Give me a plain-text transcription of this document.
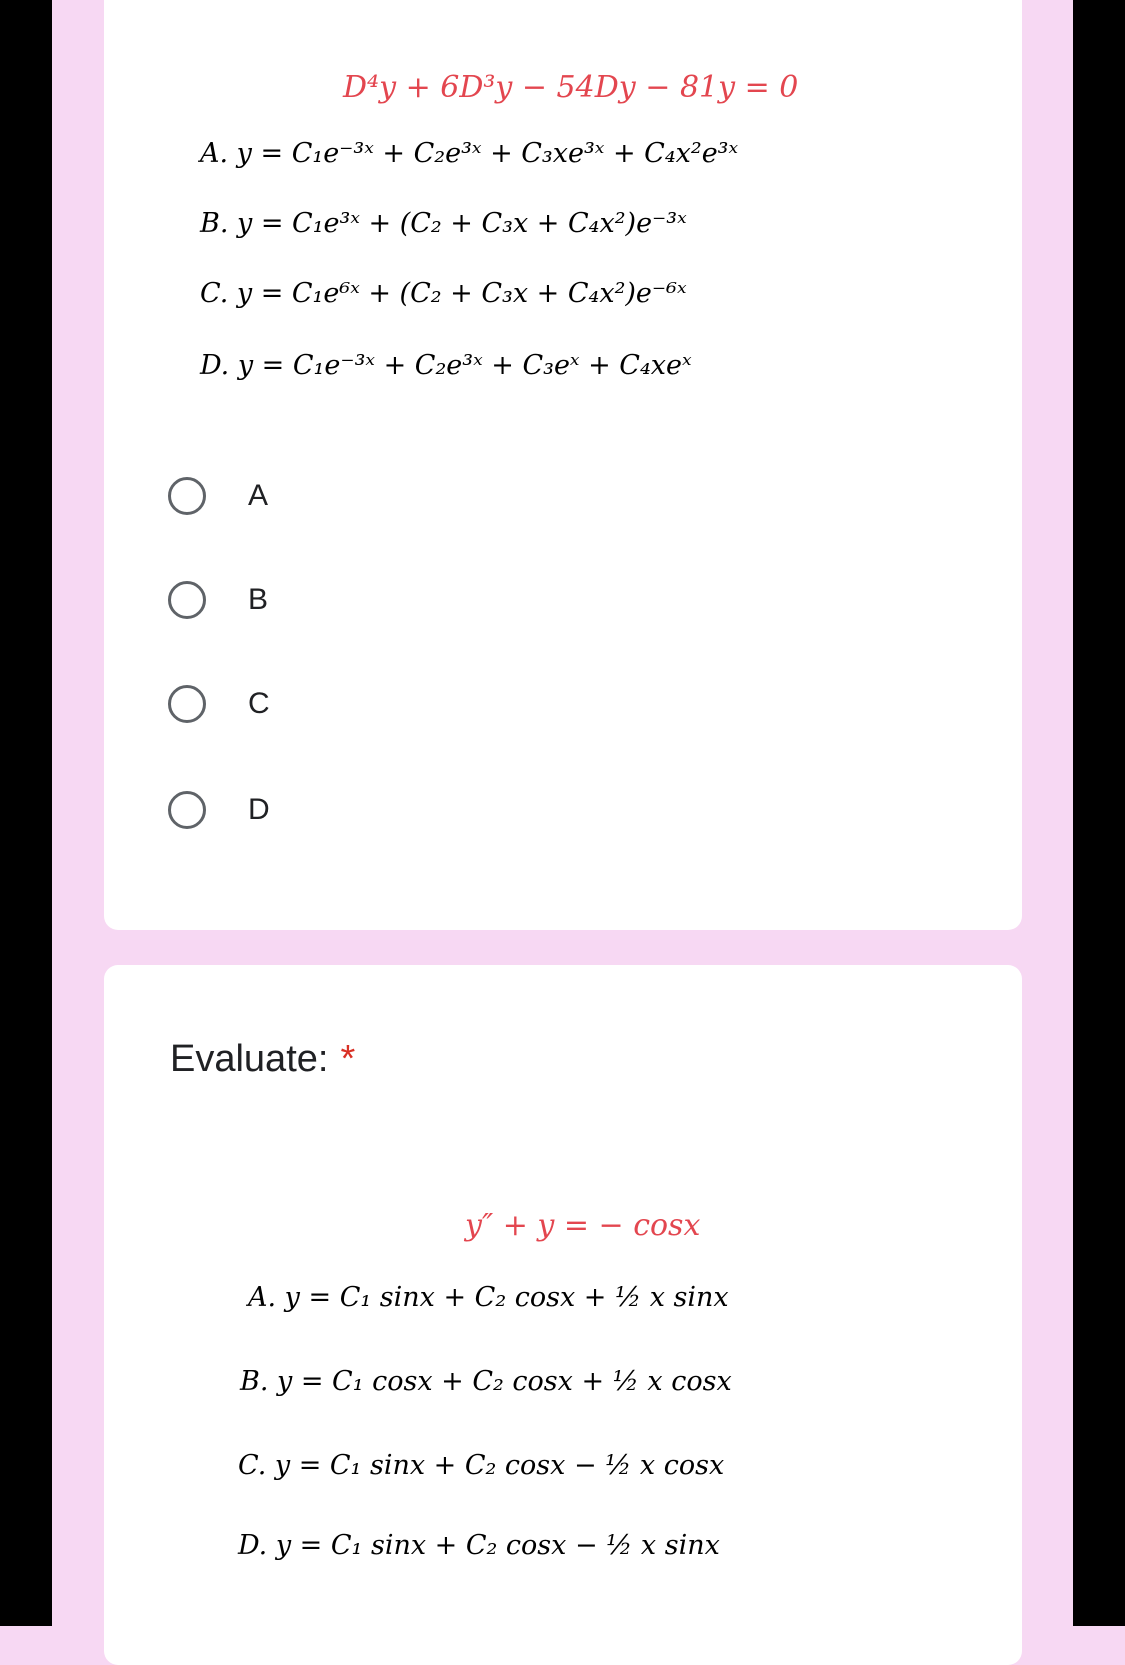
D⁴y + 6D³y − 54Dy − 81y = 0
A. y = C₁e⁻³ˣ + C₂e³ˣ + C₃xe³ˣ + C₄x²e³ˣ
B. y = C₁e³ˣ + (C₂ + C₃x + C₄x²)e⁻³ˣ
C. y = C₁e⁶ˣ + (C₂ + C₃x + C₄x²)e⁻⁶ˣ
D. y = C₁e⁻³ˣ + C₂e³ˣ + C₃eˣ + C₄xeˣ
A
B
C
D
Evaluate: *
y″ + y = − cosx
A. y = C₁ sinx + C₂ cosx + ½ x sinx
B. y = C₁ cosx + C₂ cosx + ½ x cosx
C. y = C₁ sinx + C₂ cosx − ½ x cosx
D. y = C₁ sinx + C₂ cosx − ½ x sinx
